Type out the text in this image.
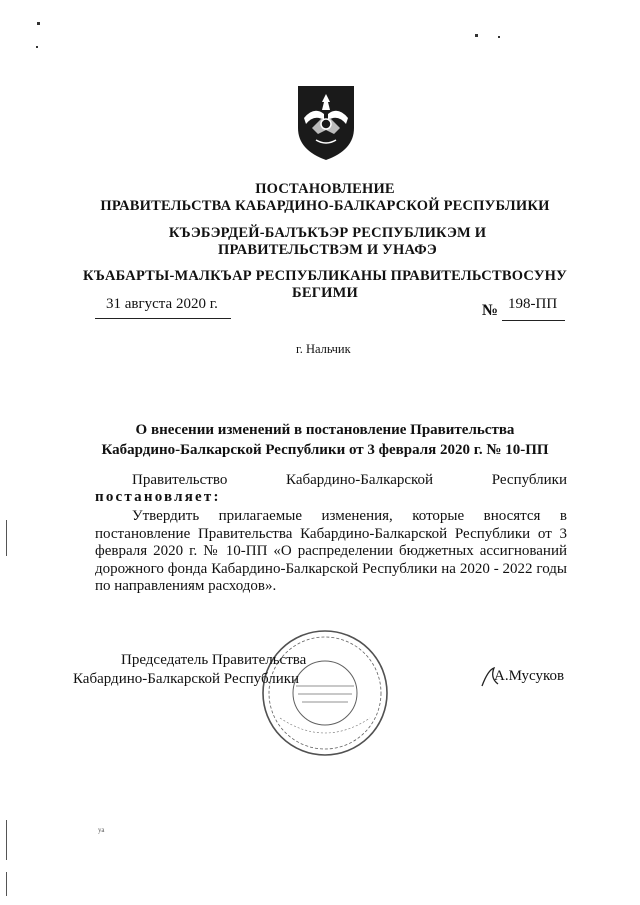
ПОСТАНОВЛЕНИЕ
ПРАВИТЕЛЬСТВА КАБАРДИНО-БАЛКАРСКОЙ РЕСПУБЛИКИ
КЪЭБЭРДЕЙ-БАЛЪКЪЭР РЕСПУБЛИКЭМ И ПРАВИТЕЛЬСТВЭМ И УНАФЭ
КЪАБАРТЫ-МАЛКЪАР РЕСПУБЛИКАНЫ ПРАВИТЕЛЬСТВОСУНУ
БЕГИМИ
31 августа 2020 г.	№ 198-ПП
г. Нальчик
О внесении изменений в постановление Правительства
Кабардино-Балкарской Республики от 3 февраля 2020 г. № 10-ПП
Правительство Кабардино-Балкарской Республики
постановляет:
Утвердить прилагаемые изменения, которые вносятся в постановление Правительства Кабардино-Балкарской Республики от 3 февраля 2020 г. № 10-ПП «О распределении бюджетных ассигнований дорожного фонда Кабардино-Балкарской Республики на 2020 - 2022 годы по направлениям расходов».
Председатель Правительства
Кабардино-Балкарской Республики	А.Мусуков
уа
